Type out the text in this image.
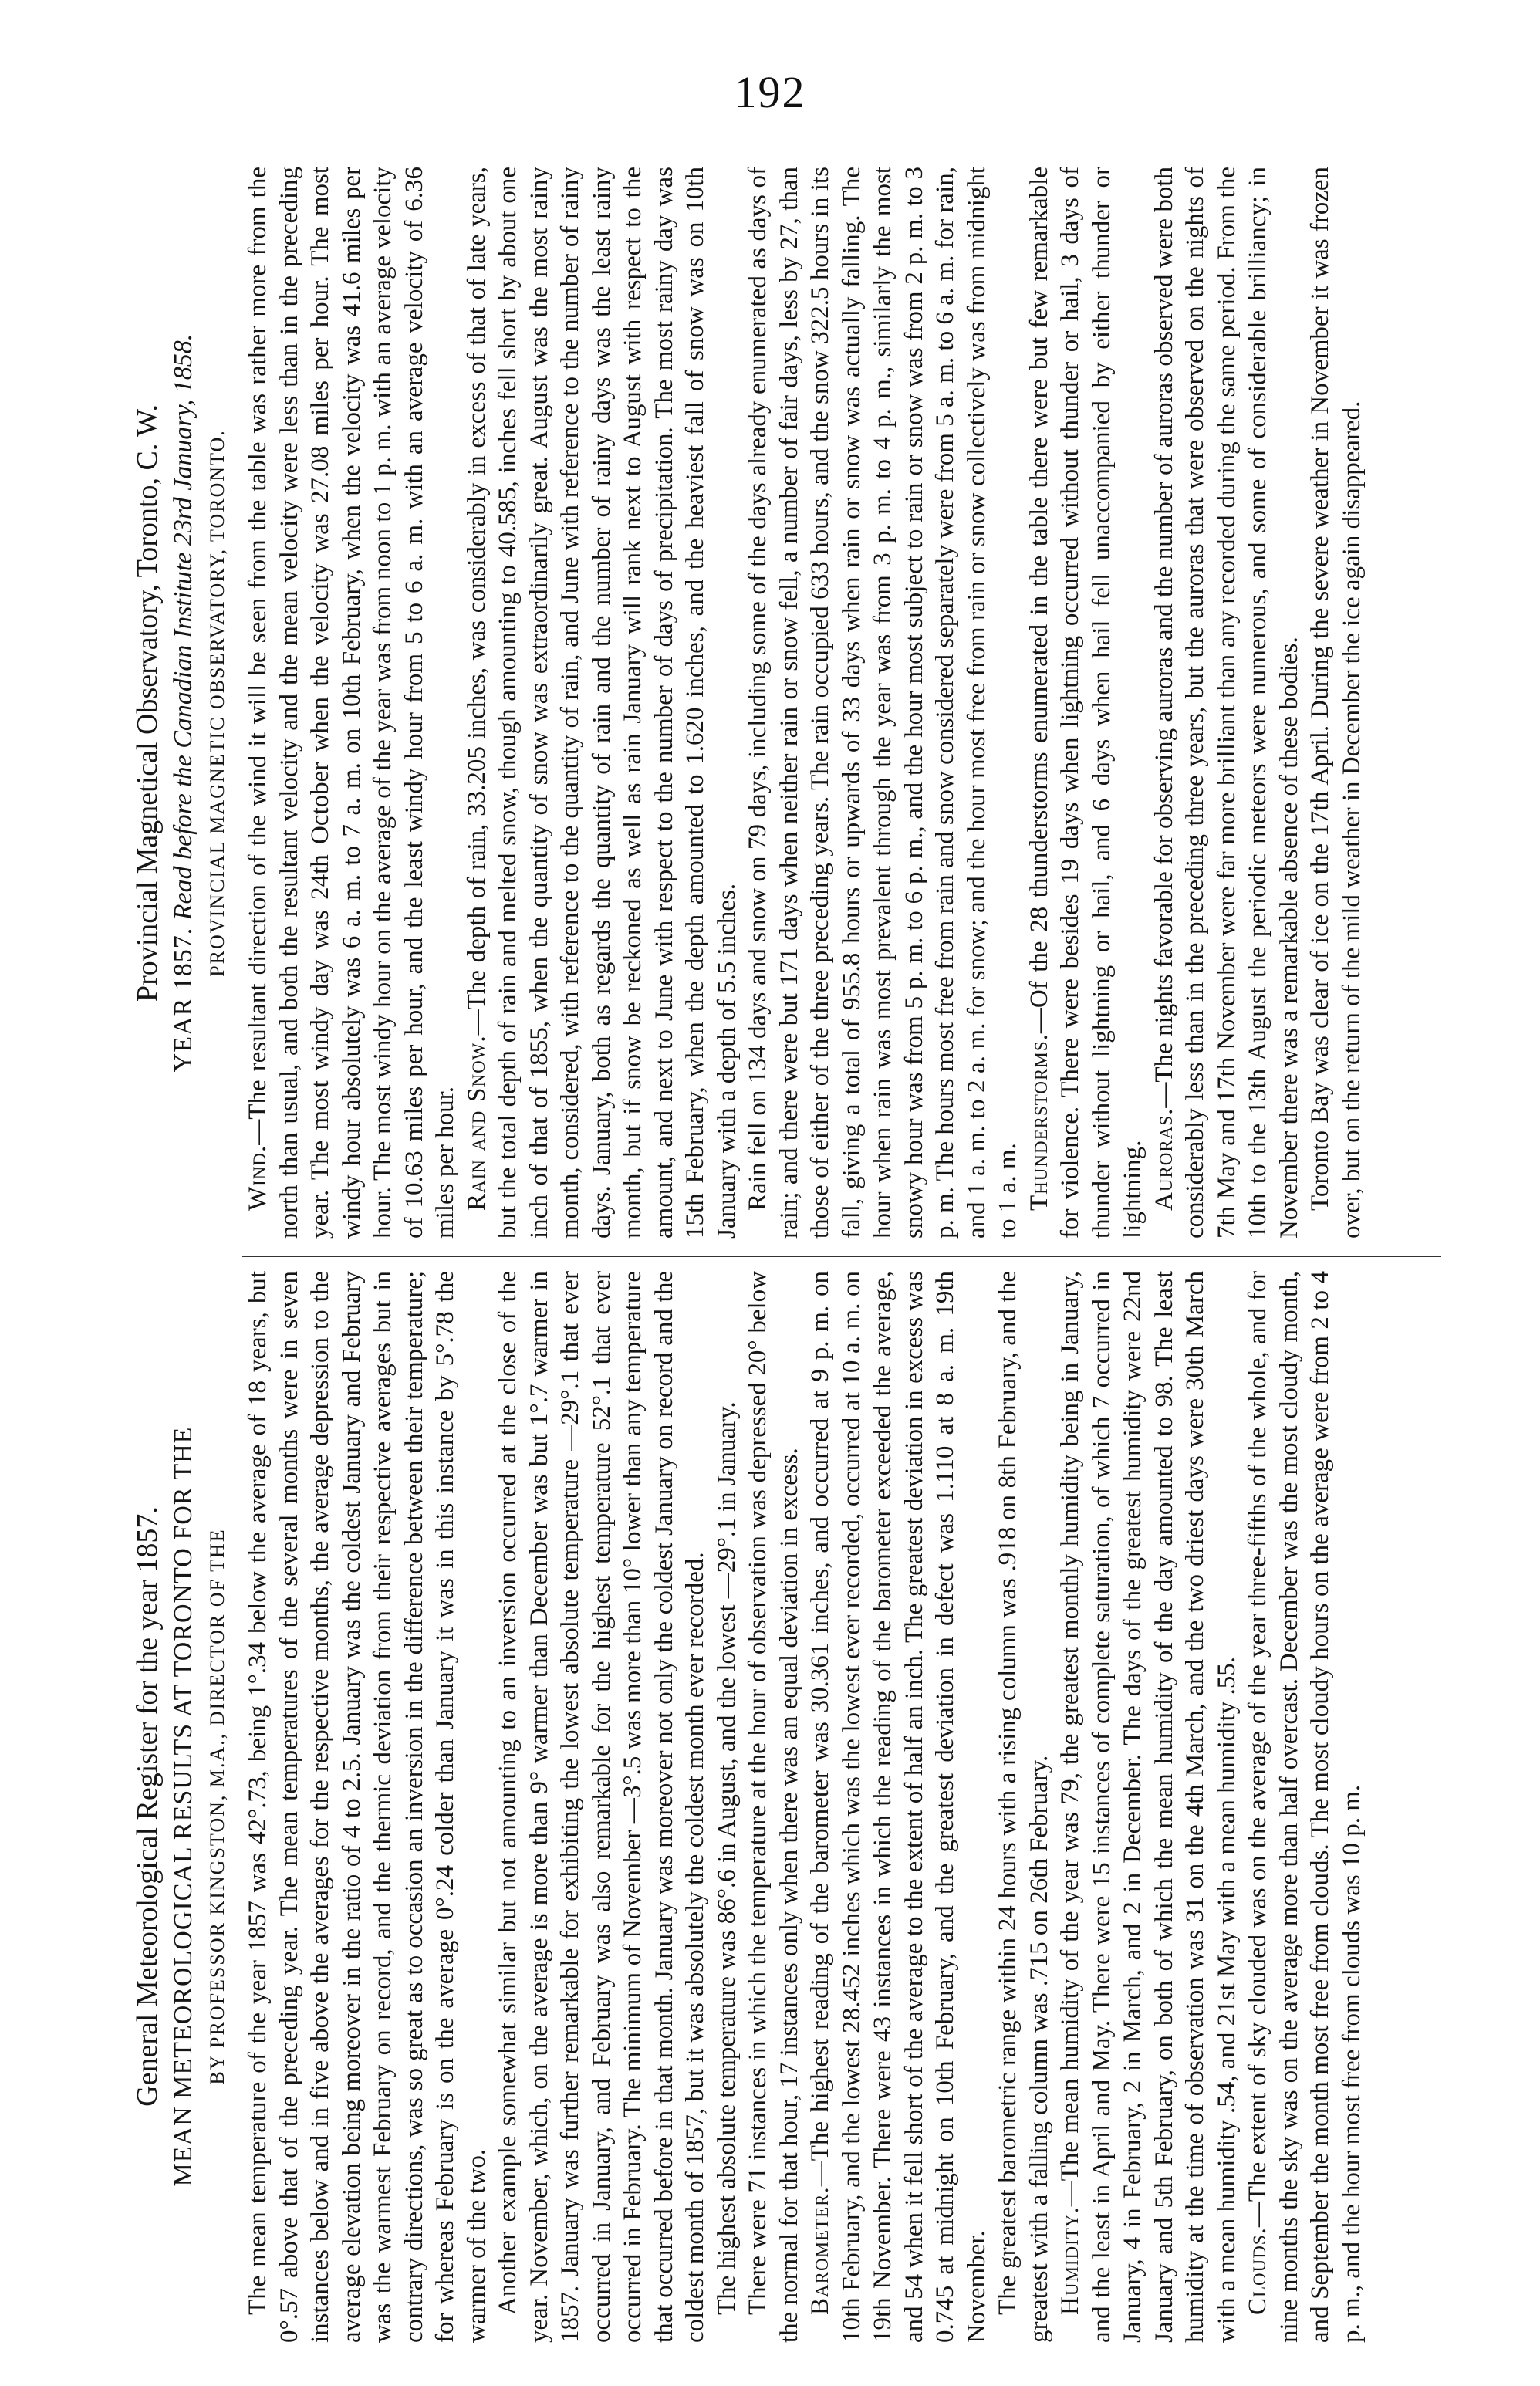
192
General Meteorological Register for the year 1857. MEAN METEOROLOGICAL RESULTS AT TORONTO FOR THE BY PROFESSOR KINGSTON, M.A., DIRECTOR OF THE
Provincial Magnetical Observatory, Toronto, C. W. YEAR 1857. Read before the Canadian Institute 23rd January, 1858. PROVINCIAL MAGNETIC OBSERVATORY, TORONTO.

The mean temperature of the year 1857 was 42°.73, being 1°.34 below the average of 18 years, but 0°.57 above that of the preceding year. The mean temperatures of the several months were in seven instances below and in five above the averages for the respective months, the average depression to the average elevation being moreover in the ratio of 4 to 2.5. January was the coldest January and February was the warmest February on record, and the thermic deviation from their respective averages but in contrary directions, was so great as to occasion an inversion in the difference between their temperature; for whereas February is on the average 0°.24 colder than January it was in this instance by 5°.78 the warmer of the two. Another example somewhat similar but not amounting to an inversion occurred at the close of the year. November, which, on the average is more than 9° warmer than December was but 1°.7 warmer in 1857. January was further remarkable for exhibiting the lowest absolute temperature —29°.1 that ever occurred in January, and February was also remarkable for the highest temperature 52°.1 that ever occurred in February. The minimum of November —3°.5 was more than 10° lower than any temperature that occurred before in that month. January was moreover not only the coldest January on record and the coldest month of 1857, but it was absolutely the coldest month ever recorded. The highest absolute temperature was 86°.6 in August, and the lowest —29°.1 in January. There were 71 instances in which the temperature at the hour of observation was depressed 20° below the normal for that hour, 17 instances only when there was an equal deviation in excess. Barometer.—The highest reading of the barometer was 30.361 inches, and occurred at 9 p. m. on 10th February, and the lowest 28.452 inches which was the lowest ever recorded, occurred at 10 a. m. on 19th November. There were 43 instances in which the reading of the barometer exceeded the average, and 54 when it fell short of the average to the extent of half an inch. The greatest deviation in excess was 0.745 at midnight on 10th February, and the greatest deviation in defect was 1.110 at 8 a. m. 19th November. The greatest barometric range within 24 hours with a rising column was .918 on 8th February, and the greatest with a falling column was .715 on 26th February. Humidity.—The mean humidity of the year was 79, the greatest monthly humidity being in January, and the least in April and May. There were 15 instances of complete saturation, of which 7 occurred in January, 4 in February, 2 in March, and 2 in December. The days of the greatest humidity were 22nd January and 5th February, on both of which the mean humidity of the day amounted to 98. The least humidity at the time of observation was 31 on the 4th March, and the two driest days were 30th March with a mean humidity .54, and 21st May with a mean humidity .55. Clouds.—The extent of sky clouded was on the average of the year three-fifths of the whole, and for nine months the sky was on the average more than half overcast. December was the most cloudy month, and September the month most free from clouds. The most cloudy hours on the average were from 2 to 4 p. m., and the hour most free from clouds was 10 p. m.

Wind.—The resultant direction of the wind it will be seen from the table was rather more from the north than usual, and both the resultant velocity and the mean velocity were less than in the preceding year. The most windy day was 24th October when the velocity was 27.08 miles per hour. The most windy hour absolutely was 6 a. m. to 7 a. m. on 10th February, when the velocity was 41.6 miles per hour. The most windy hour on the average of the year was from noon to 1 p. m. with an average velocity of 10.63 miles per hour, and the least windy hour from 5 to 6 a. m. with an average velocity of 6.36 miles per hour. Rain and Snow.—The depth of rain, 33.205 inches, was considerably in excess of that of late years, but the total depth of rain and melted snow, though amounting to 40.585, inches fell short by about one inch of that of 1855, when the quantity of snow was extraordinarily great. August was the most rainy month, considered, with reference to the quantity of rain, and June with reference to the number of rainy days. January, both as regards the quantity of rain and the number of rainy days was the least rainy month, but if snow be reckoned as well as rain January will rank next to August with respect to the amount, and next to June with respect to the number of days of precipitation. The most rainy day was 15th February, when the depth amounted to 1.620 inches, and the heaviest fall of snow was on 10th January with a depth of 5.5 inches. Rain fell on 134 days and snow on 79 days, including some of the days already enumerated as days of rain; and there were but 171 days when neither rain or snow fell, a number of fair days, less by 27, than those of either of the three preceding years. The rain occupied 633 hours, and the snow 322.5 hours in its fall, giving a total of 955.8 hours or upwards of 33 days when rain or snow was actually falling. The hour when rain was most prevalent through the year was from 3 p. m. to 4 p. m., similarly the most snowy hour was from 5 p. m. to 6 p. m., and the hour most subject to rain or snow was from 2 p. m. to 3 p. m. The hours most free from rain and snow considered separately were from 5 a. m. to 6 a. m. for rain, and 1 a. m. to 2 a. m. for snow; and the hour most free from rain or snow collectively was from midnight to 1 a. m. Thunderstorms.—Of the 28 thunderstorms enumerated in the table there were but few remarkable for violence. There were besides 19 days when lightning occurred without thunder or hail, 3 days of thunder without lightning or hail, and 6 days when hail fell unaccompanied by either thunder or lightning. Auroras.—The nights favorable for observing auroras and the number of auroras observed were both considerably less than in the preceding three years, but the auroras that were observed on the nights of 7th May and 17th November were far more brilliant than any recorded during the same period. From the 10th to the 13th August the periodic meteors were numerous, and some of considerable brilliancy; in November there was a remarkable absence of these bodies. Toronto Bay was clear of ice on the 17th April. During the severe weather in November it was frozen over, but on the return of the mild weather in December the ice again disappeared.
